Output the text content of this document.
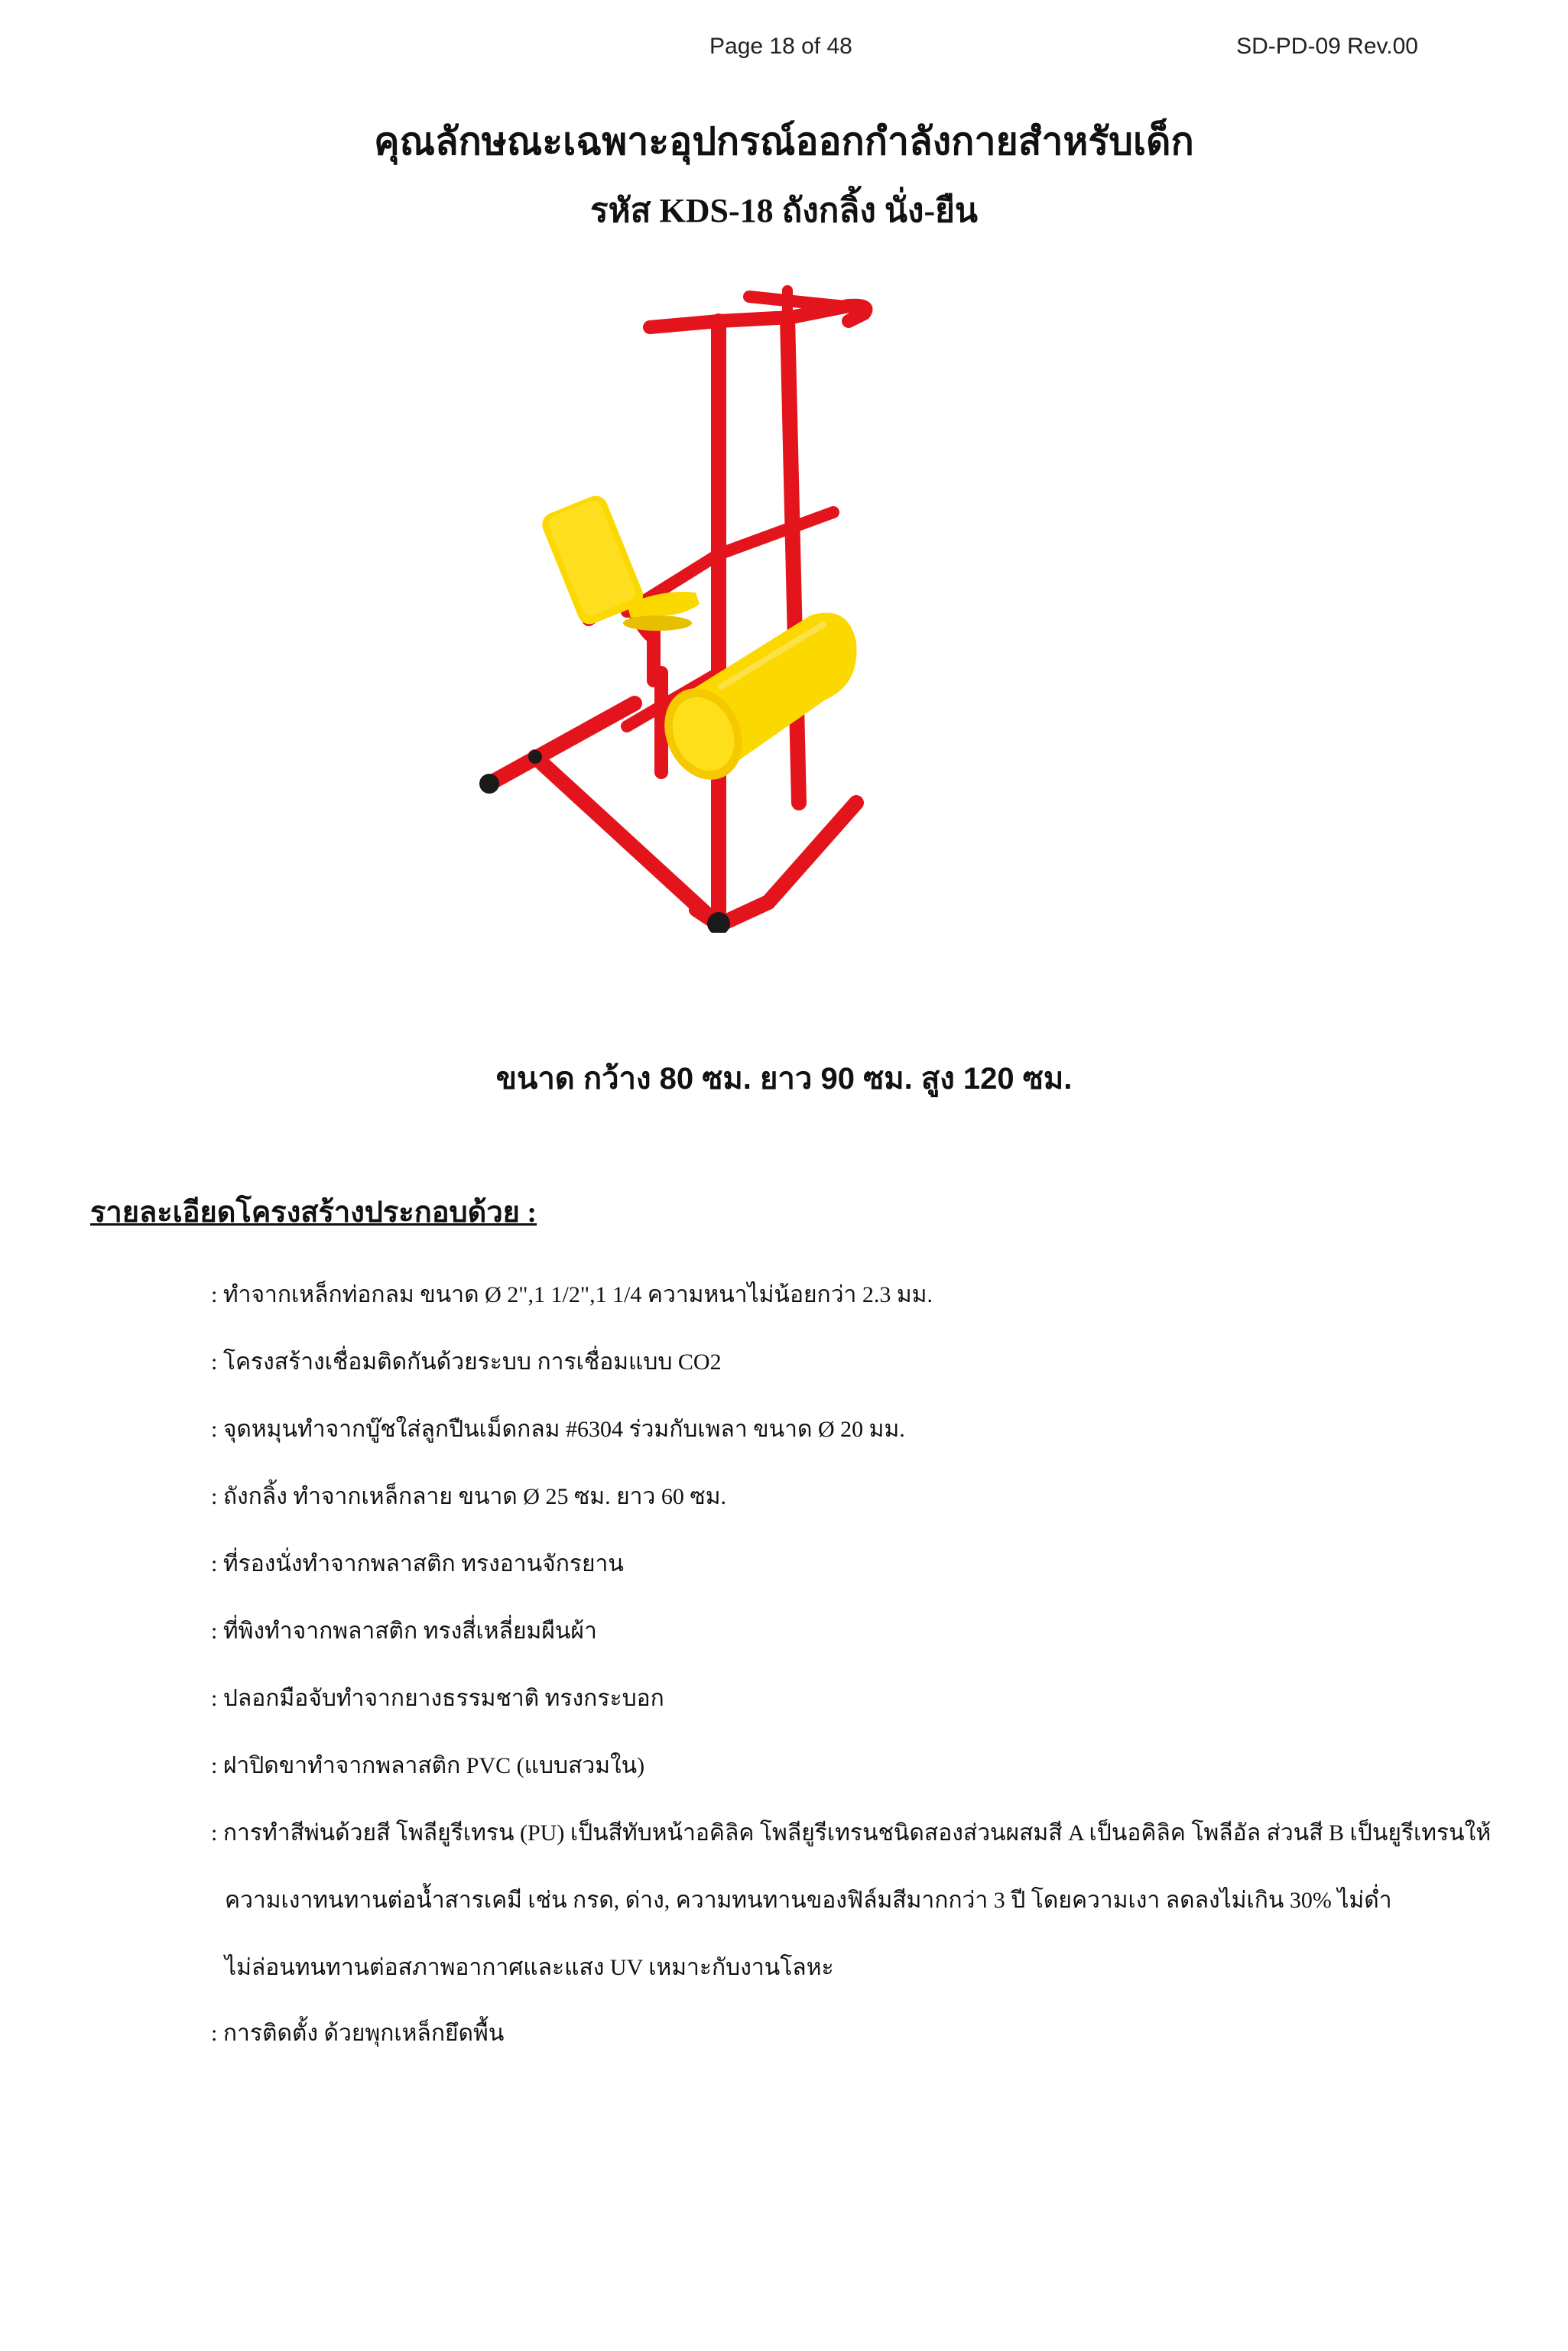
Page 18 of 48	SD-PD-09 Rev.00
คุณลักษณะเฉพาะอุปกรณ์ออกกำลังกายสำหรับเด็ก
รหัส KDS-18 ถังกลิ้ง นั่ง-ยืน
ขนาด กว้าง 80 ซม. ยาว 90 ซม. สูง 120 ซม.
รายละเอียดโครงสร้างประกอบด้วย :
: ทำจากเหล็กท่อกลม ขนาด Ø 2",1 1/2",1 1/4 ความหนาไม่น้อยกว่า 2.3 มม.
: โครงสร้างเชื่อมติดกันด้วยระบบ การเชื่อมแบบ CO2
: จุดหมุนทำจากบู๊ชใส่ลูกปืนเม็ดกลม #6304 ร่วมกับเพลา ขนาด Ø 20 มม.
: ถังกลิ้ง ทำจากเหล็กลาย ขนาด Ø 25 ซม. ยาว 60 ซม.
: ที่รองนั่งทำจากพลาสติก ทรงอานจักรยาน
: ที่พิงทำจากพลาสติก ทรงสี่เหลี่ยมผืนผ้า
: ปลอกมือจับทำจากยางธรรมชาติ ทรงกระบอก
: ฝาปิดขาทำจากพลาสติก PVC (แบบสวมใน)
: การทำสีพ่นด้วยสี โพลียูรีเทรน (PU) เป็นสีทับหน้าอคิลิค โพลียูรีเทรนชนิดสองส่วนผสมสี A เป็นอคิลิค โพลีอัล ส่วนสี B เป็นยูรีเทรนให้
ความเงาทนทานต่อน้ำสารเคมี เช่น กรด, ด่าง, ความทนทานของฟิล์มสีมากกว่า 3 ปี โดยความเงา ลดลงไม่เกิน 30% ไม่ด่ำ
ไม่ล่อนทนทานต่อสภาพอากาศและแสง UV เหมาะกับงานโลหะ
: การติดตั้ง ด้วยพุกเหล็กยึดพื้น
